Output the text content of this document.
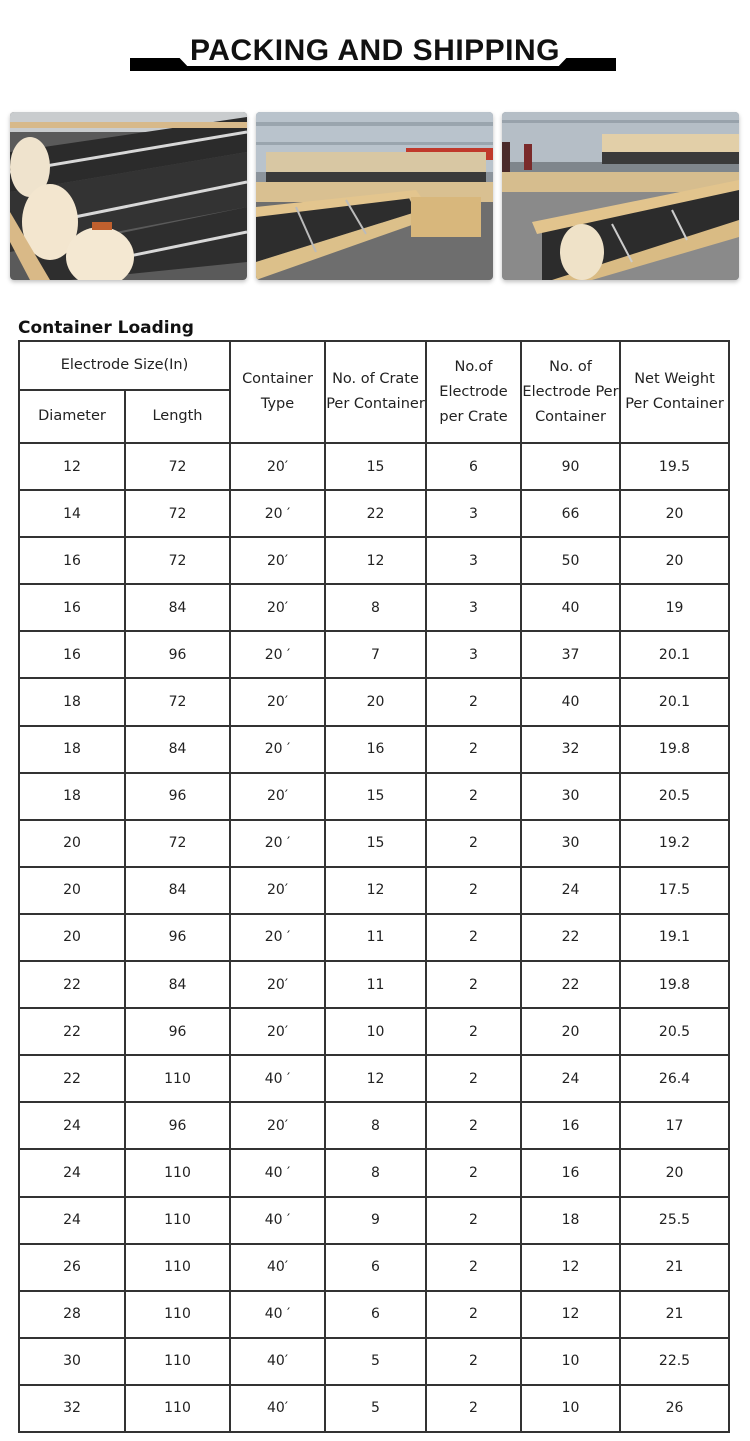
PACKING AND SHIPPING
Container Loading
Electrode Size(In)		Container Type	No. of Crate Per Container	No.of Electrode per Crate	No. of Electrode Per Container	Net Weight Per Container
Diameter	Length					
12	72	20′	15	6	90	19.5
14	72	20 ′	22	3	66	20
16	72	20′	12	3	50	20
16	84	20′	8	3	40	19
16	96	20 ′	7	3	37	20.1
18	72	20′	20	2	40	20.1
18	84	20 ′	16	2	32	19.8
18	96	20′	15	2	30	20.5
20	72	20 ′	15	2	30	19.2
20	84	20′	12	2	24	17.5
20	96	20 ′	11	2	22	19.1
22	84	20′	11	2	22	19.8
22	96	20′	10	2	20	20.5
22	110	40 ′	12	2	24	26.4
24	96	20′	8	2	16	17
24	110	40 ′	8	2	16	20
24	110	40 ′	9	2	18	25.5
26	110	40′	6	2	12	21
28	110	40 ′	6	2	12	21
30	110	40′	5	2	10	22.5
32	110	40′	5	2	10	26
